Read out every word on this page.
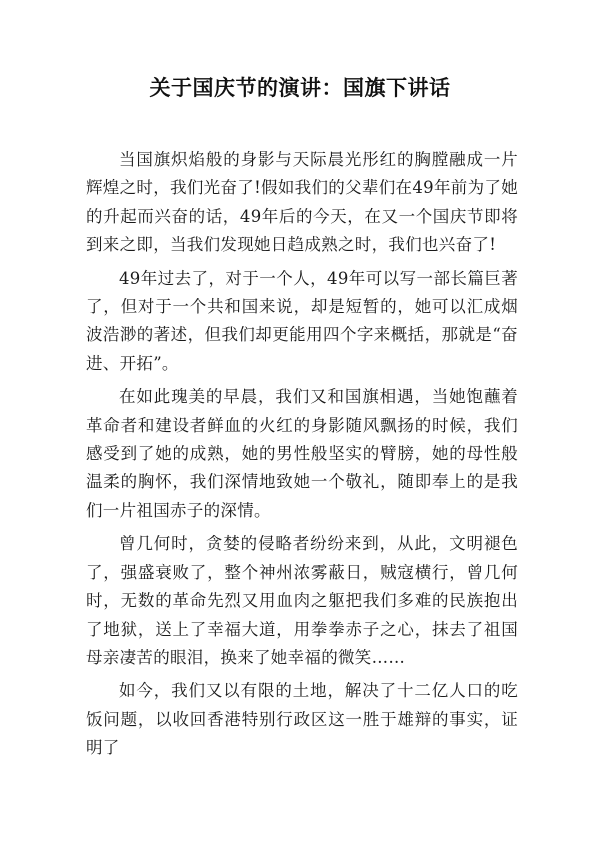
关于国庆节的演讲：国旗下讲话

当国旗炽焰般的身影与天际晨光彤红的胸膛融成一片辉煌之时，我们光奋了!假如我们的父辈们在49年前为了她的升起而兴奋的话，49年后的今天，在又一个国庆节即将到来之即，当我们发现她日趋成熟之时，我们也兴奋了!

49年过去了，对于一个人，49年可以写一部长篇巨著了，但对于一个共和国来说，却是短暂的，她可以汇成烟波浩渺的著述，但我们却更能用四个字来概括，那就是“奋进、开拓”。

在如此瑰美的早晨，我们又和国旗相遇，当她饱蘸着革命者和建设者鲜血的火红的身影随风飘扬的时候，我们感受到了她的成熟，她的男性般坚实的臂膀，她的母性般温柔的胸怀，我们深情地致她一个敬礼，随即奉上的是我们一片祖国赤子的深情。

曾几何时，贪婪的侵略者纷纷来到，从此，文明褪色了，强盛衰败了，整个神州浓雾蔽日，贼寇横行，曾几何时，无数的革命先烈又用血肉之躯把我们多难的民族抱出了地狱，送上了幸福大道，用拳拳赤子之心，抹去了祖国母亲凄苦的眼泪，换来了她幸福的微笑……

如今，我们又以有限的土地，解决了十二亿人口的吃饭问题，以收回香港特别行政区这一胜于雄辩的事实，证明了
